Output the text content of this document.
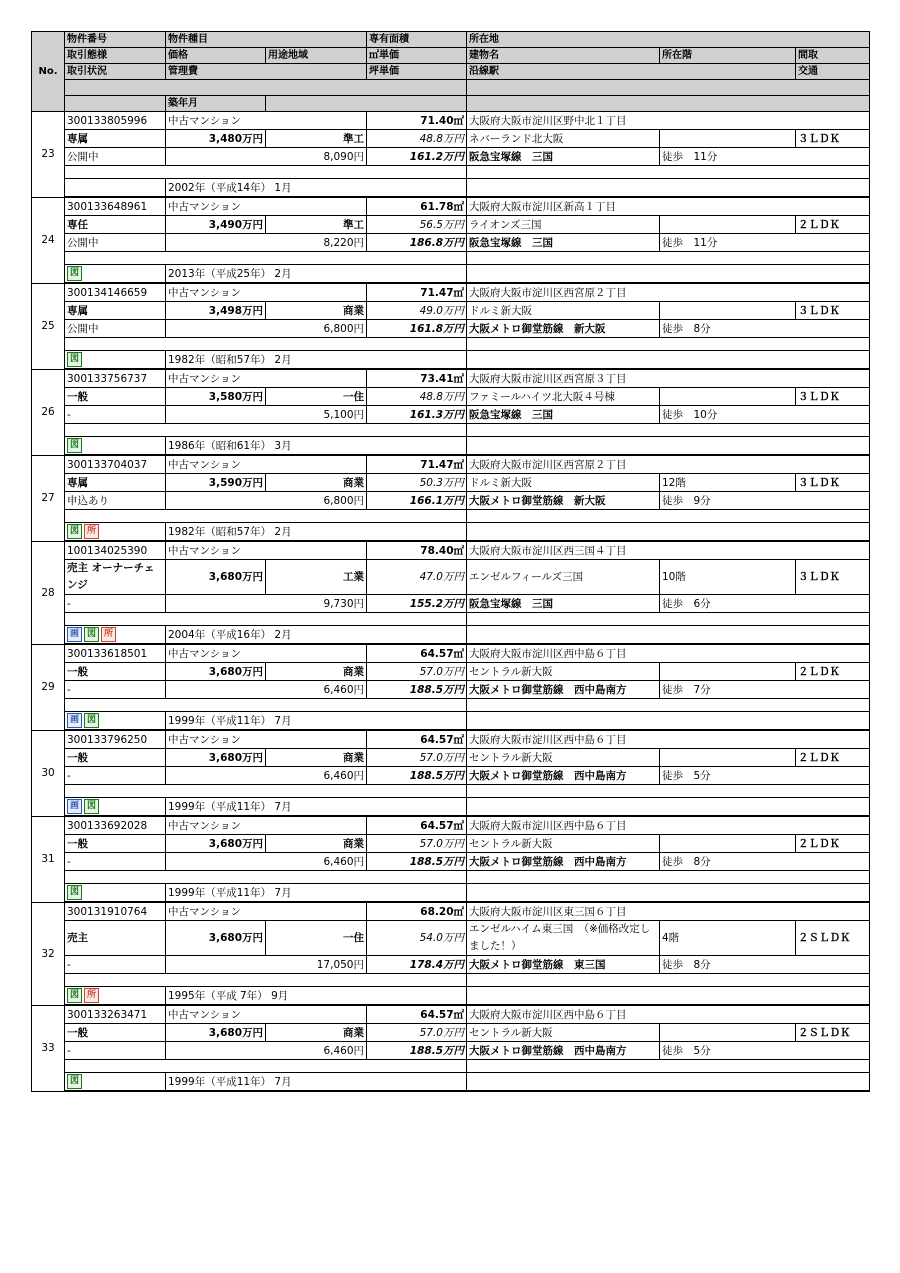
No.	物件番号	物件種目		専有面積	所在地		
	取引態様	価格	用途地域	㎡単価	建物名	所在階	間取
	取引状況	管理費		坪単価	沿線駅		交通

		築年月					
23	300133805996	中古マンション		71.40㎡	大阪府大阪市淀川区野中北１丁目		
	専属	3,480万円	準工	48.8万円	ネバーランド北大阪		３ＬＤＫ
	公開中	8,090円		161.2万円	阪急宝塚線　三国	徒歩　11分	

		2002年（平成14年） 1月					
24	300133648961	中古マンション		61.78㎡	大阪府大阪市淀川区新高１丁目		
	専任	3,490万円	準工	56.5万円	ライオンズ三国		２ＬＤＫ
	公開中	8,220円		186.8万円	阪急宝塚線　三国	徒歩　11分	

	図	2013年（平成25年） 2月					
25	300134146659	中古マンション		71.47㎡	大阪府大阪市淀川区西宮原２丁目		
	専属	3,498万円	商業	49.0万円	ドルミ新大阪		３ＬＤＫ
	公開中	6,800円		161.8万円	大阪メトロ御堂筋線　新大阪	徒歩　8分	

	図	1982年（昭和57年） 2月					
26	300133756737	中古マンション		73.41㎡	大阪府大阪市淀川区西宮原３丁目		
	一般	3,580万円	一住	48.8万円	ファミールハイツ北大阪４号棟		３ＬＤＫ
	-	5,100円		161.3万円	阪急宝塚線　三国	徒歩　10分	

	図	1986年（昭和61年） 3月					
27	300133704037	中古マンション		71.47㎡	大阪府大阪市淀川区西宮原２丁目		
	専属	3,590万円	商業	50.3万円	ドルミ新大阪	12階	３ＬＤＫ
	申込あり	6,800円		166.1万円	大阪メトロ御堂筋線　新大阪	徒歩　9分	

	図 所	1982年（昭和57年） 2月					
28	100134025390	中古マンション		78.40㎡	大阪府大阪市淀川区西三国４丁目		
	売主 オーナーチェンジ	3,680万円	工業	47.0万円	エンゼルフィールズ三国	10階	３ＬＤＫ
	-	9,730円		155.2万円	阪急宝塚線　三国	徒歩　6分	

	画 図 所	2004年（平成16年） 2月					
29	300133618501	中古マンション		64.57㎡	大阪府大阪市淀川区西中島６丁目		
	一般	3,680万円	商業	57.0万円	セントラル新大阪		２ＬＤＫ
	-	6,460円		188.5万円	大阪メトロ御堂筋線　西中島南方	徒歩　7分	

	画 図	1999年（平成11年） 7月					
30	300133796250	中古マンション		64.57㎡	大阪府大阪市淀川区西中島６丁目		
	一般	3,680万円	商業	57.0万円	セントラル新大阪		２ＬＤＫ
	-	6,460円		188.5万円	大阪メトロ御堂筋線　西中島南方	徒歩　5分	

	画 図	1999年（平成11年） 7月					
31	300133692028	中古マンション		64.57㎡	大阪府大阪市淀川区西中島６丁目		
	一般	3,680万円	商業	57.0万円	セントラル新大阪		２ＬＤＫ
	-	6,460円		188.5万円	大阪メトロ御堂筋線　西中島南方	徒歩　8分	

	図	1999年（平成11年） 7月					
32	300131910764	中古マンション		68.20㎡	大阪府大阪市淀川区東三国６丁目		
	売主	3,680万円	一住	54.0万円	エンゼルハイム東三国　（※価格改定しました！）	4階	２ＳＬＤＫ
	-	17,050円		178.4万円	大阪メトロ御堂筋線　東三国	徒歩　8分	

	図 所	1995年（平成 7年） 9月					
33	300133263471	中古マンション		64.57㎡	大阪府大阪市淀川区西中島６丁目		
	一般	3,680万円	商業	57.0万円	セントラル新大阪		２ＳＬＤＫ
	-	6,460円		188.5万円	大阪メトロ御堂筋線　西中島南方	徒歩　5分	

	図	1999年（平成11年） 7月					
